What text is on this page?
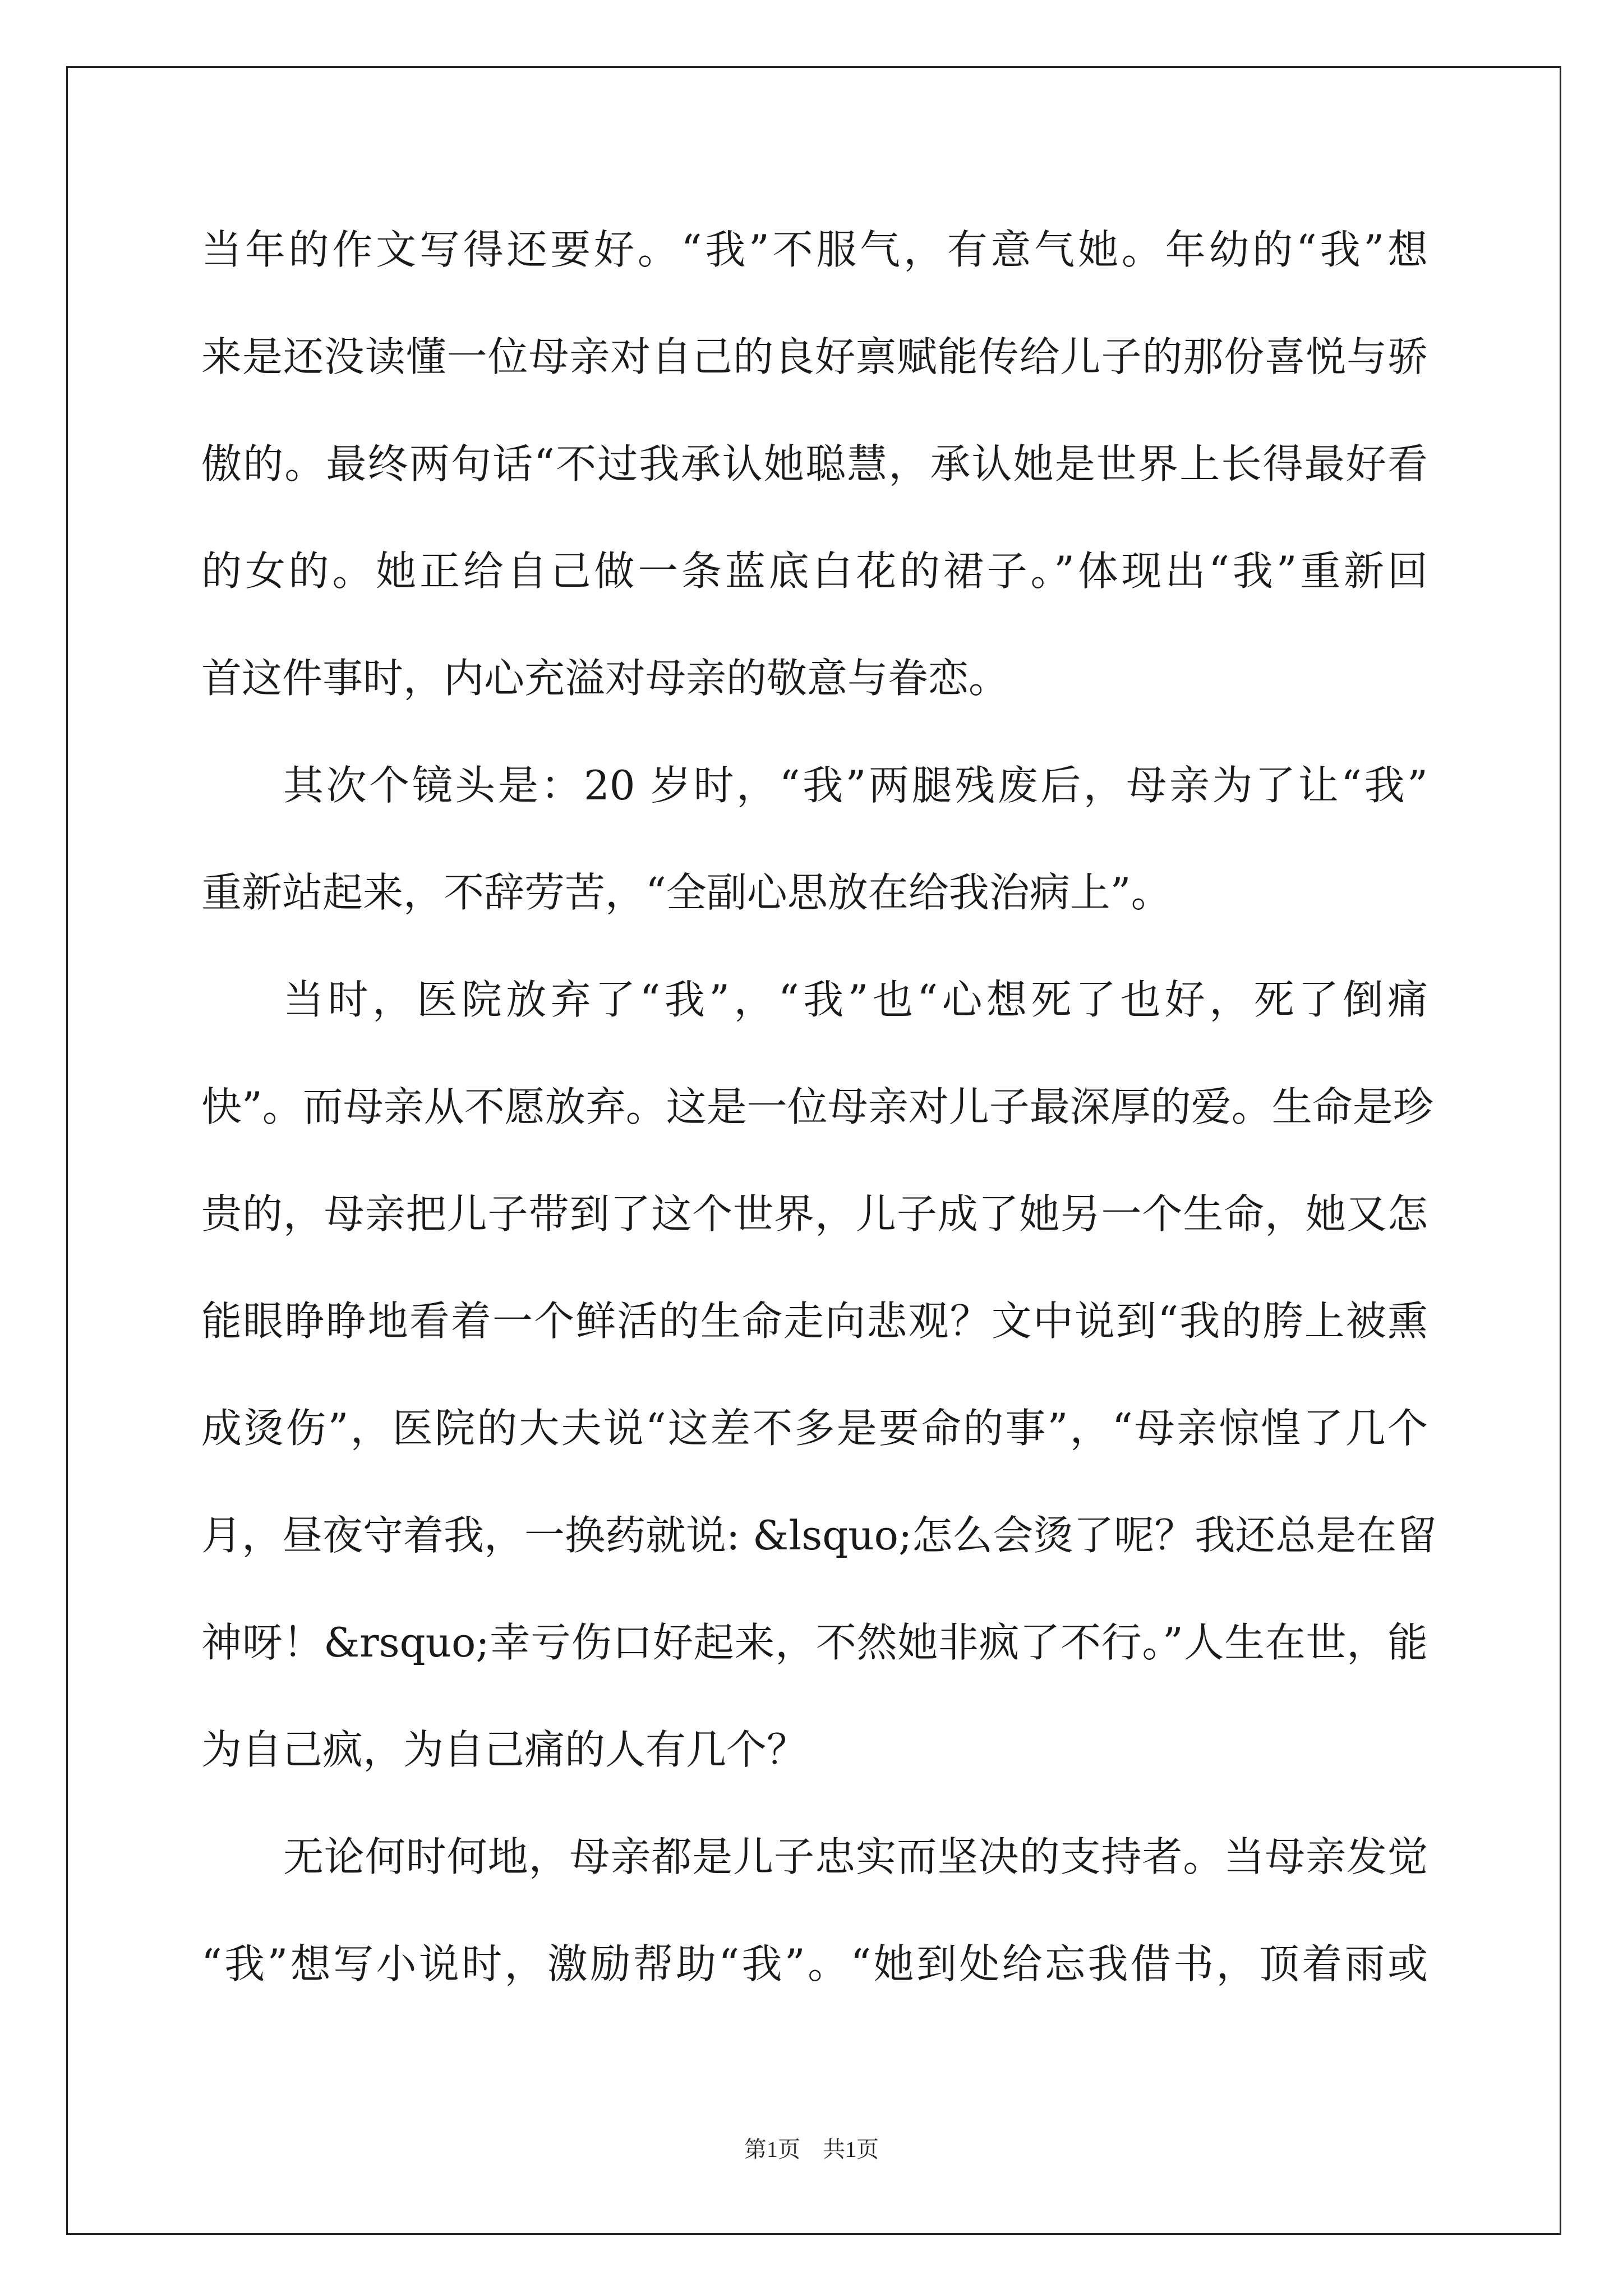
当年的作文写得还要好。“我”不服气，有意气她。年幼的“我”想
来是还没读懂一位母亲对自己的良好禀赋能传给儿子的那份喜悦与骄
傲的。最终两句话“不过我承认她聪慧，承认她是世界上长得最好看
的女的。她正给自己做一条蓝底白花的裙子。”体现出“我”重新回
首这件事时，内心充溢对母亲的敬意与眷恋。
其次个镜头是：20 岁时，“我”两腿残废后，母亲为了让“我”
重新站起来，不辞劳苦，“全副心思放在给我治病上”。
当时，医院放弃了“我”，“我”也“心想死了也好，死了倒痛
快”。而母亲从不愿放弃。这是一位母亲对儿子最深厚的爱。生命是珍
贵的，母亲把儿子带到了这个世界，儿子成了她另一个生命，她又怎
能眼睁睁地看着一个鲜活的生命走向悲观？文中说到“我的胯上被熏
成烫伤”，医院的大夫说“这差不多是要命的事”，“母亲惊惶了几个
月，昼夜守着我，一换药就说: &lsquo;怎么会烫了呢？我还总是在留
神呀！&rsquo;幸亏伤口好起来，不然她非疯了不行。”人生在世，能
为自己疯，为自己痛的人有几个？
无论何时何地，母亲都是儿子忠实而坚决的支持者。当母亲发觉
“我”想写小说时，激励帮助“我”。“她到处给忘我借书，顶着雨或
第1页 共1页
